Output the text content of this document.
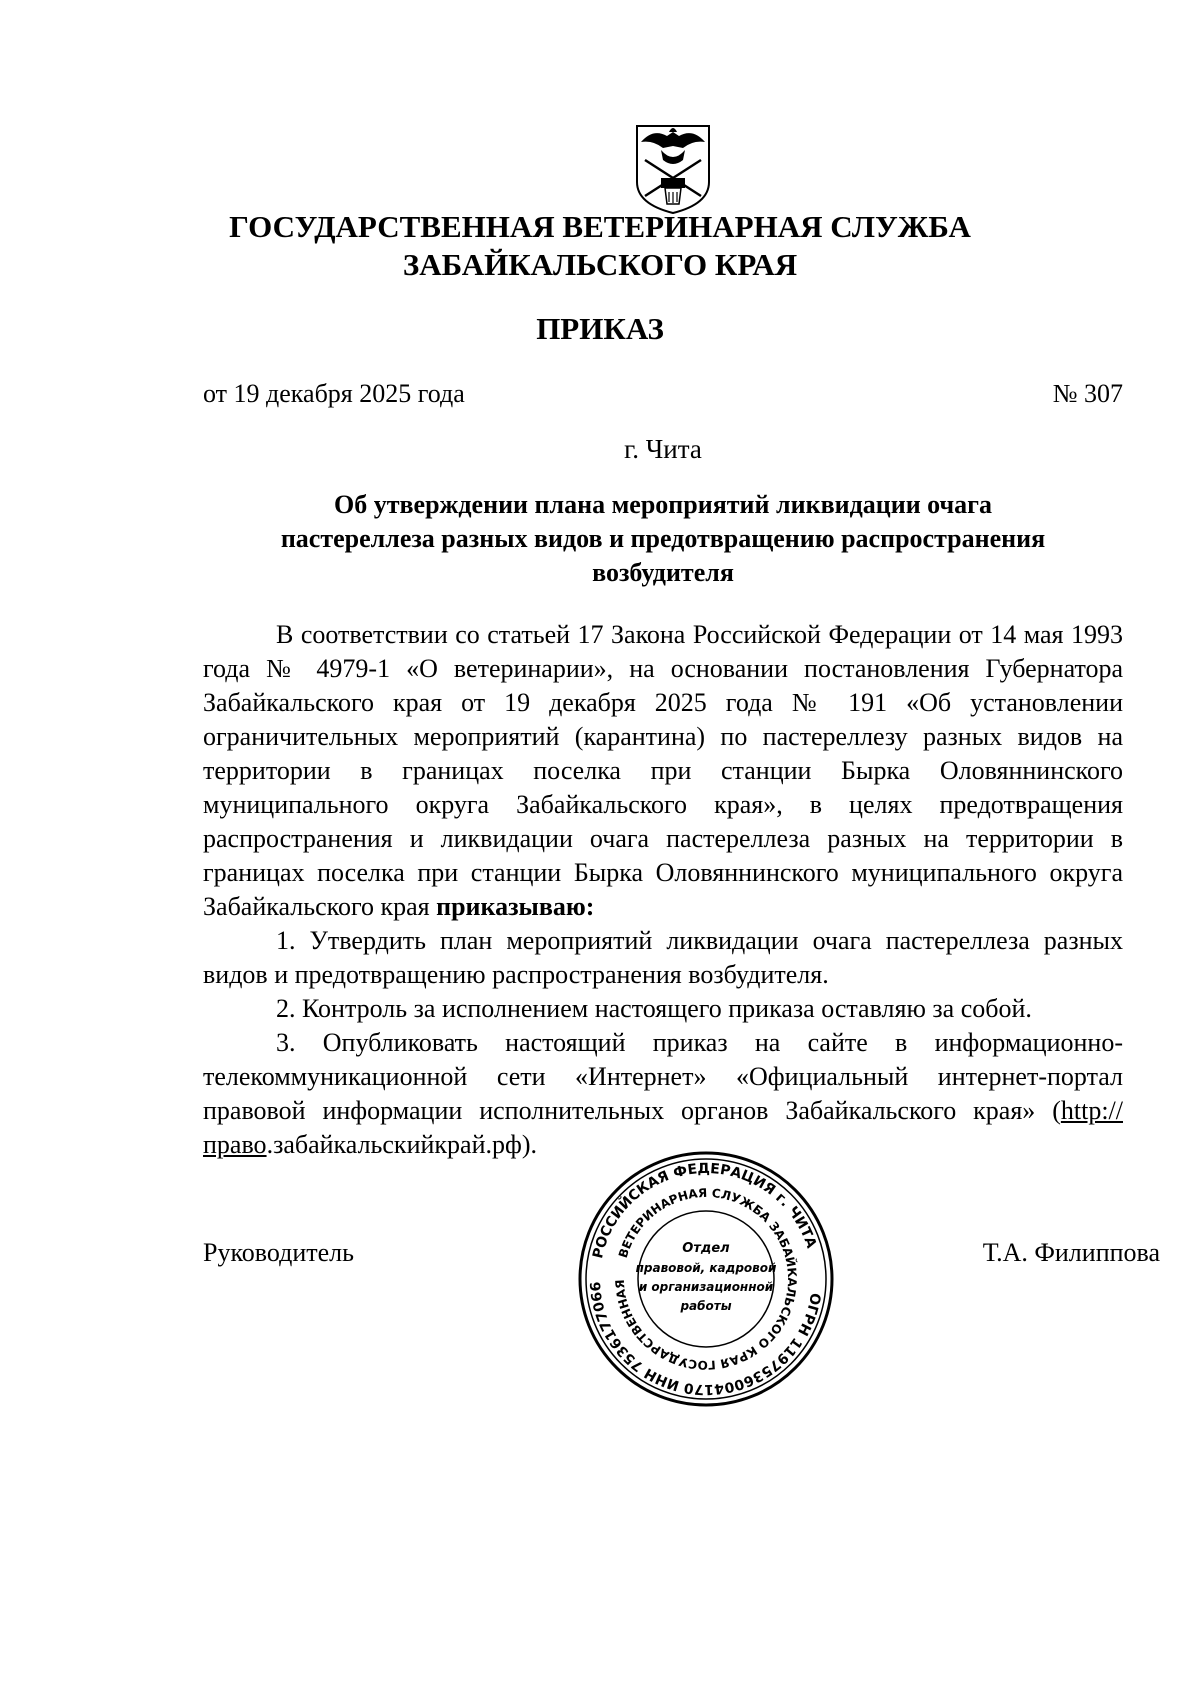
ГОСУДАРСТВЕННАЯ ВЕТЕРИНАРНАЯ СЛУЖБА
ЗАБАЙКАЛЬСКОГО КРАЯ
ПРИКАЗ
от 19 декабря 2025 года	№ 307
г. Чита
Об утверждении плана мероприятий ликвидации очага
пастереллеза разных видов и предотвращению распространения
возбудителя

В соответствии со статьей 17 Закона Российской Федерации от 14 мая 1993 года № 4979-1 «О ветеринарии», на основании постановления Губернатора Забайкальского края от 19 декабря 2025 года № 191 «Об установлении ограничительных мероприятий (карантина) по пастереллезу разных видов на территории в границах поселка при станции Бырка Оловяннинского муниципального округа Забайкальского края», в целях предотвращения распространения и ликвидации очага пастереллеза разных на территории в границах поселка при станции Бырка Оловяннинского муниципального округа Забайкальского края приказываю:

1. Утвердить план мероприятий ликвидации очага пастереллеза разных видов и предотвращению распространения возбудителя.

2. Контроль за исполнением настоящего приказа оставляю за собой.

3. Опубликовать настоящий приказ на сайте в информационно-телекоммуникационной сети «Интернет» «Официальный интернет-портал правовой информации исполнительных органов Забайкальского края» (http://право.забайкальскийкрай.рф).

Руководитель	Т.А. Филиппова
РОССИЙСКАЯ ФЕДЕРАЦИЯ г. ЧИТА
ОГРН 1197536004170 ИНН 7536177066
ВЕТЕРИНАРНАЯ СЛУЖБА ЗАБАЙКАЛЬСКОГО КРАЯ ГОСУДАРСТВЕННАЯ
Отдел
правовой, кадровой
и организационной
работы
